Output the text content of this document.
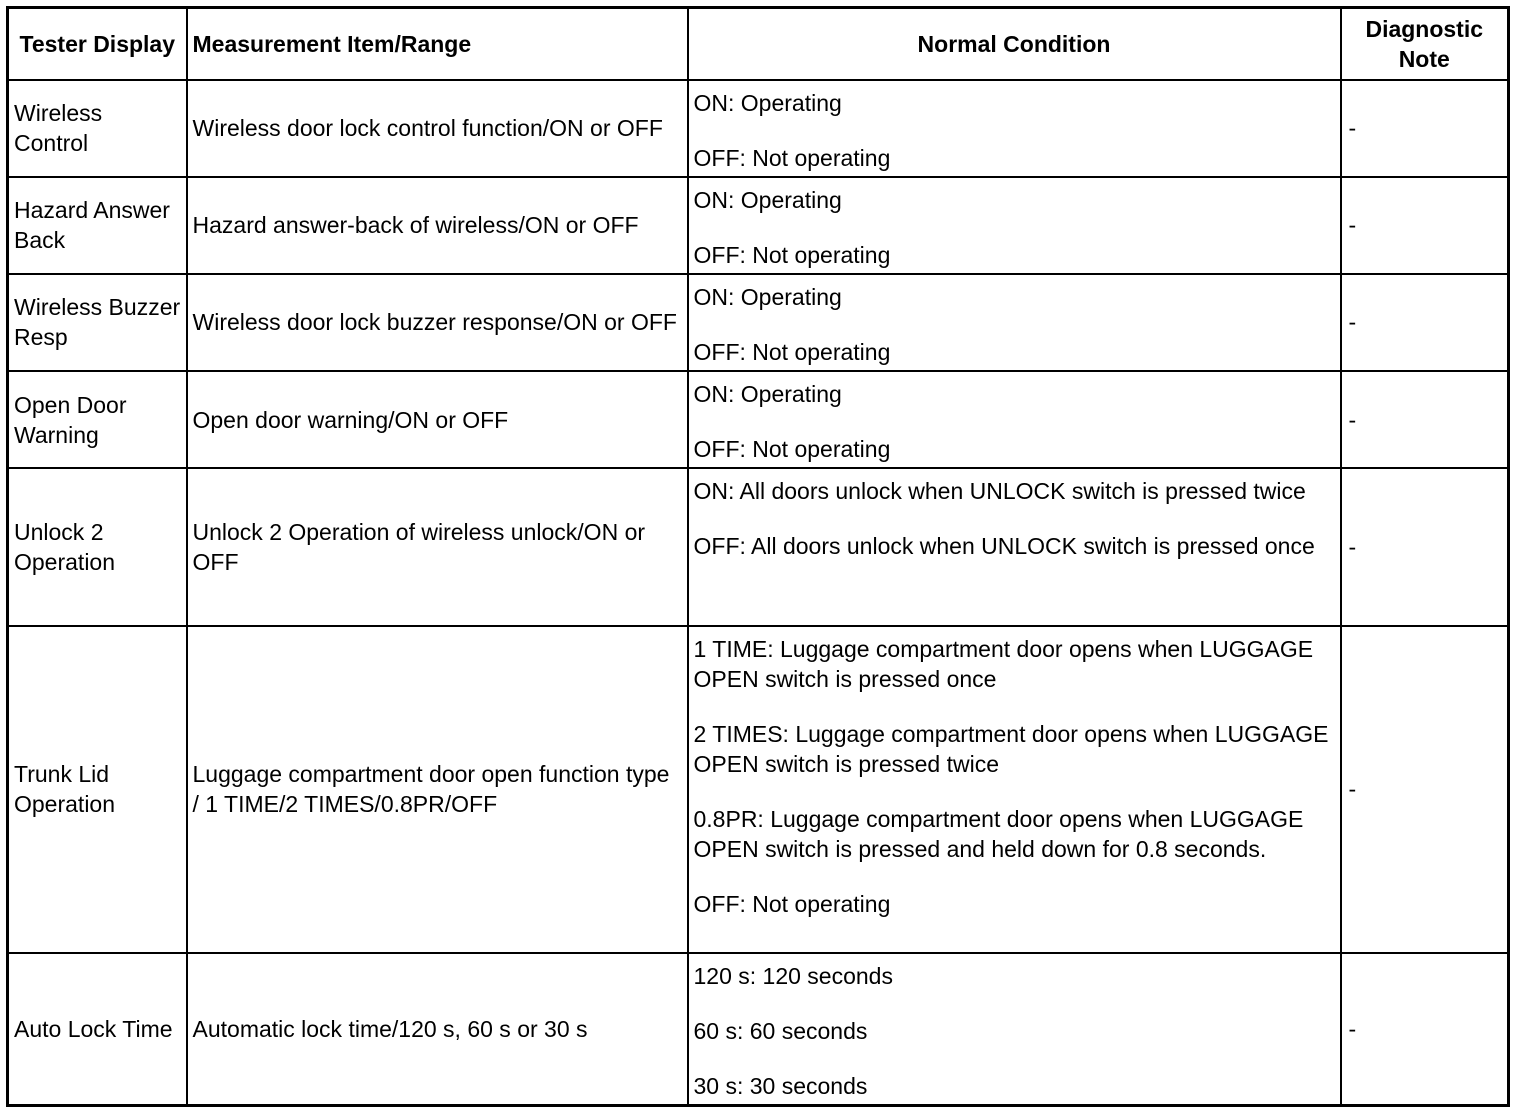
Tester Display	Measurement Item/Range	Normal Condition	Diagnostic Note
Wireless Control	Wireless door lock control function/ON or OFF	ON: Operating
OFF: Not operating	-
Hazard Answer Back	Hazard answer-back of wireless/ON or OFF	ON: Operating
OFF: Not operating	-
Wireless Buzzer Resp	Wireless door lock buzzer response/ON or OFF	ON: Operating
OFF: Not operating	-
Open Door Warning	Open door warning/ON or OFF	ON: Operating
OFF: Not operating	-
Unlock 2 Operation	Unlock 2 Operation of wireless unlock/ON or OFF	ON: All doors unlock when UNLOCK switch is pressed twice
OFF: All doors unlock when UNLOCK switch is pressed once	-
Trunk Lid Operation	Luggage compartment door open function type / 1 TIME/2 TIMES/0.8PR/OFF	1 TIME: Luggage compartment door opens when LUGGAGE OPEN switch is pressed once
2 TIMES: Luggage compartment door opens when LUGGAGE OPEN switch is pressed twice
0.8PR: Luggage compartment door opens when LUGGAGE OPEN switch is pressed and held down for 0.8 seconds.
OFF: Not operating	-
Auto Lock Time	Automatic lock time/120 s, 60 s or 30 s	120 s: 120 seconds
60 s: 60 seconds
30 s: 30 seconds	-
